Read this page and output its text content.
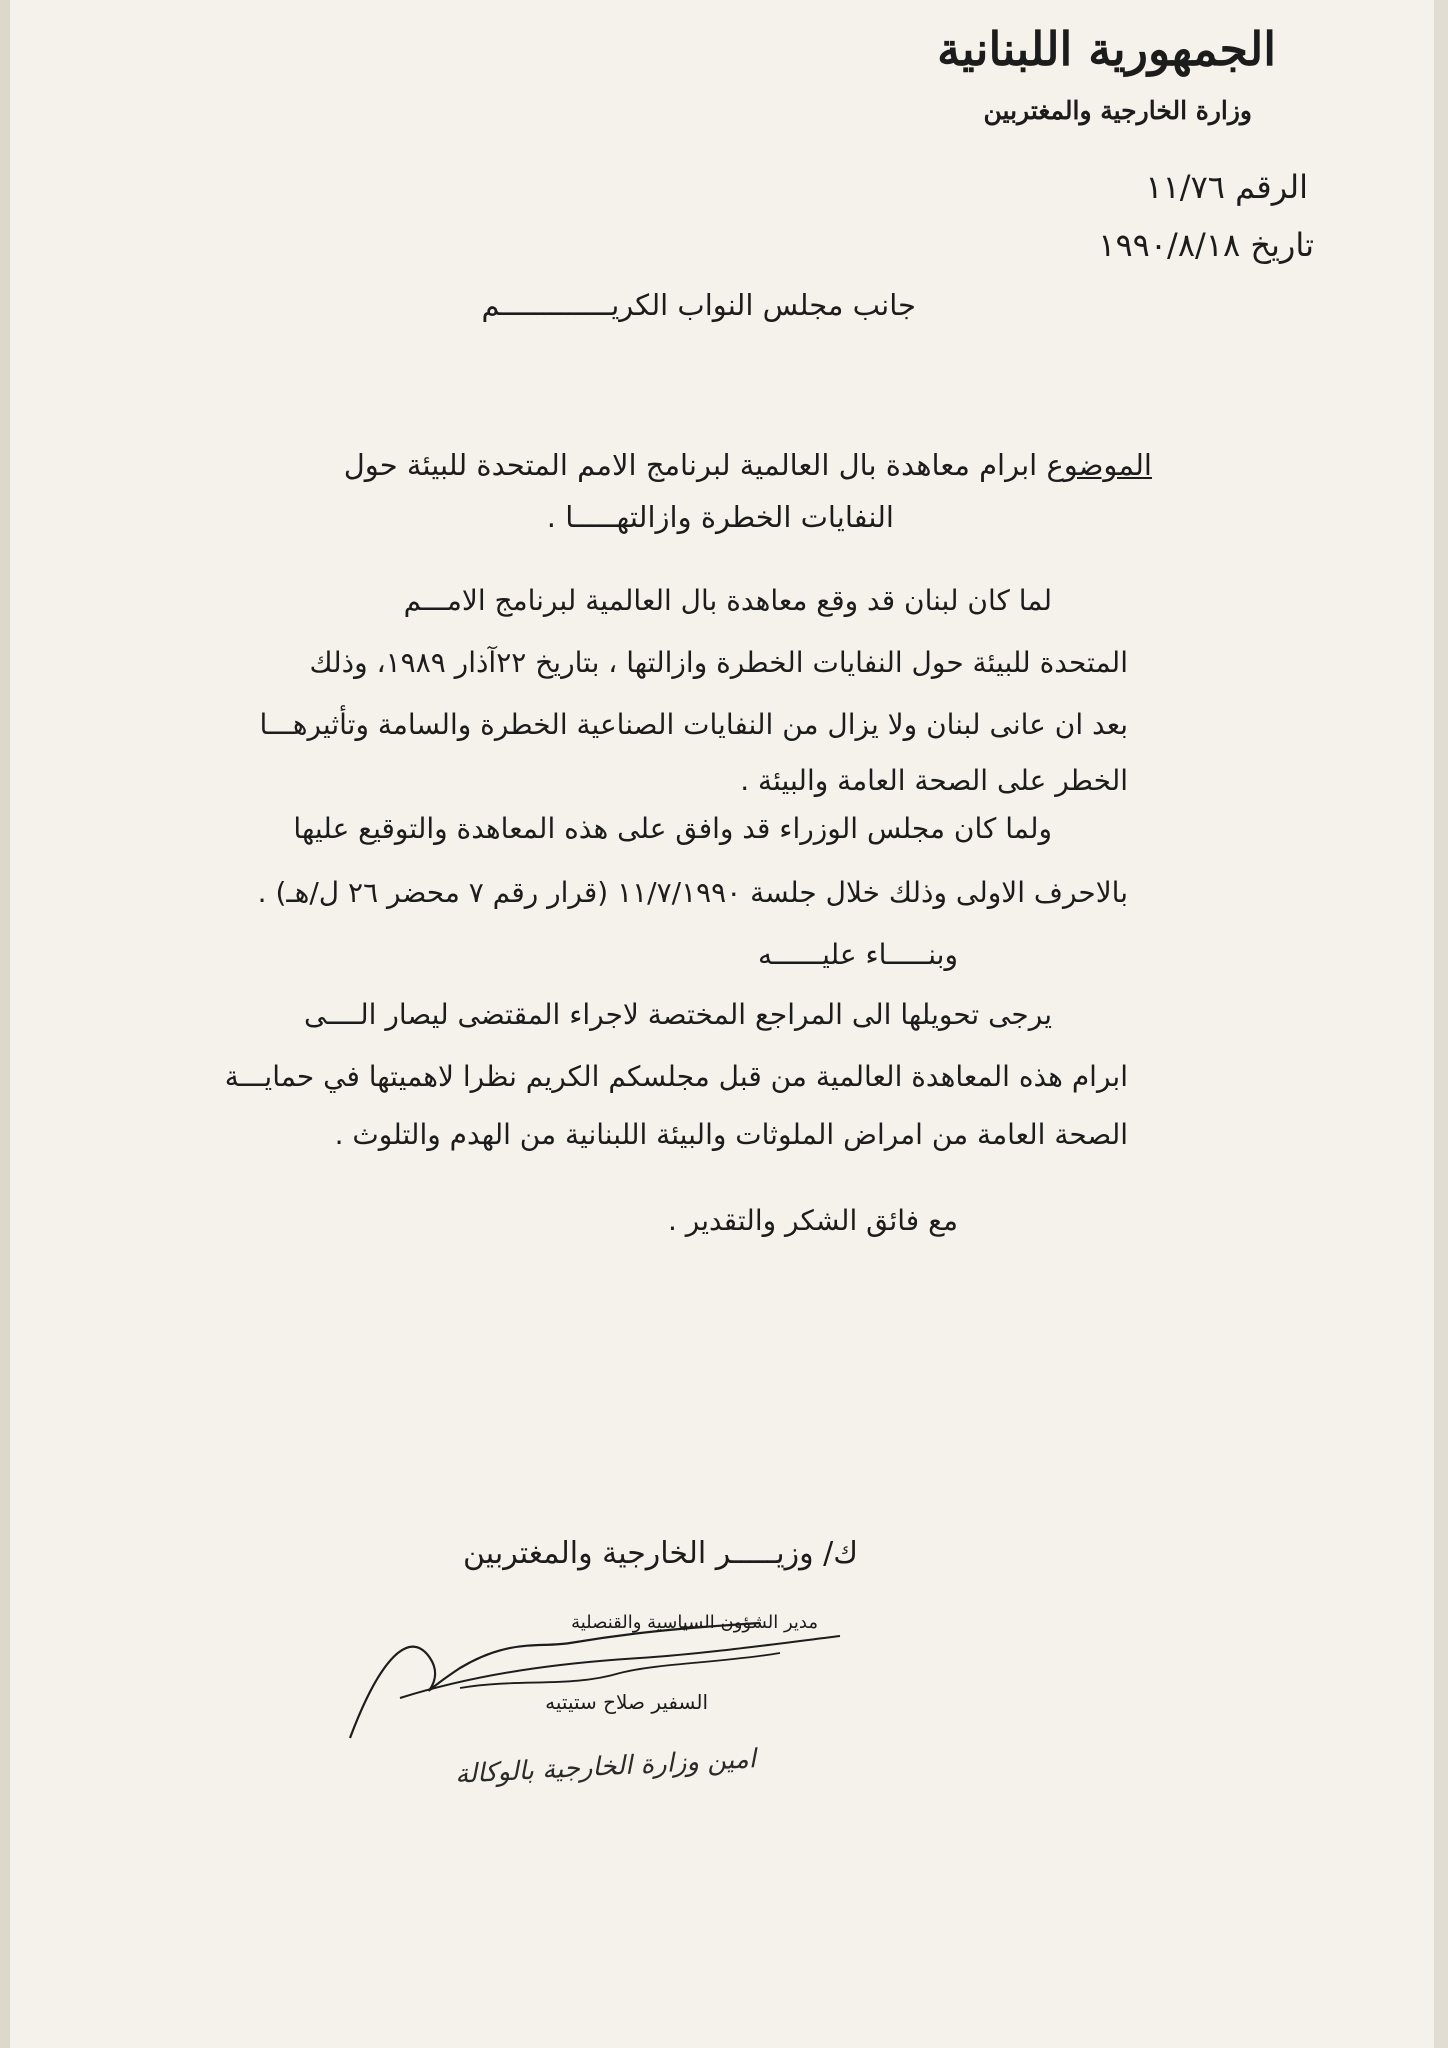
الجمهورية اللبنانية
وزارة الخارجية والمغتربين
الرقم ١١/٧٦
تاريخ ١٩٩٠/٨/١٨
جانب مجلس النواب الكريـــــــــــــم
الموضوع ابرام معاهدة بال العالمية لبرنامج الامم المتحدة للبيئة حول
النفايات الخطرة وازالتهـــــا .
لما كان لبنان قد وقع معاهدة بال العالمية لبرنامج الامـــم
المتحدة للبيئة حول النفايات الخطرة وازالتها ، بتاريخ ٢٢آذار ١٩٨٩، وذلك
بعد ان عانى لبنان ولا يزال من النفايات الصناعية الخطرة والسامة وتأثيرهـــا
الخطر على الصحة العامة والبيئة .
ولما كان مجلس الوزراء قد وافق على هذه المعاهدة والتوقيع عليها
بالاحرف الاولى وذلك خلال جلسة ١١/٧/١٩٩٠ (قرار رقم ٧ محضر ٢٦ ل/هـ) .
وبنـــــاء عليــــــه
يرجى تحويلها الى المراجع المختصة لاجراء المقتضى ليصار الــــى
ابرام هذه المعاهدة العالمية من قبل مجلسكم الكريم نظرا لاهميتها في حمايـــة
الصحة العامة من امراض الملوثات والبيئة اللبنانية من الهدم والتلوث .
مع فائق الشكر والتقدير .
ك/ وزيـــــر الخارجية والمغتربين
مدير الشؤون السياسية والقنصلية
السفير صلاح ستيتيه
امين وزارة الخارجية بالوكالة
